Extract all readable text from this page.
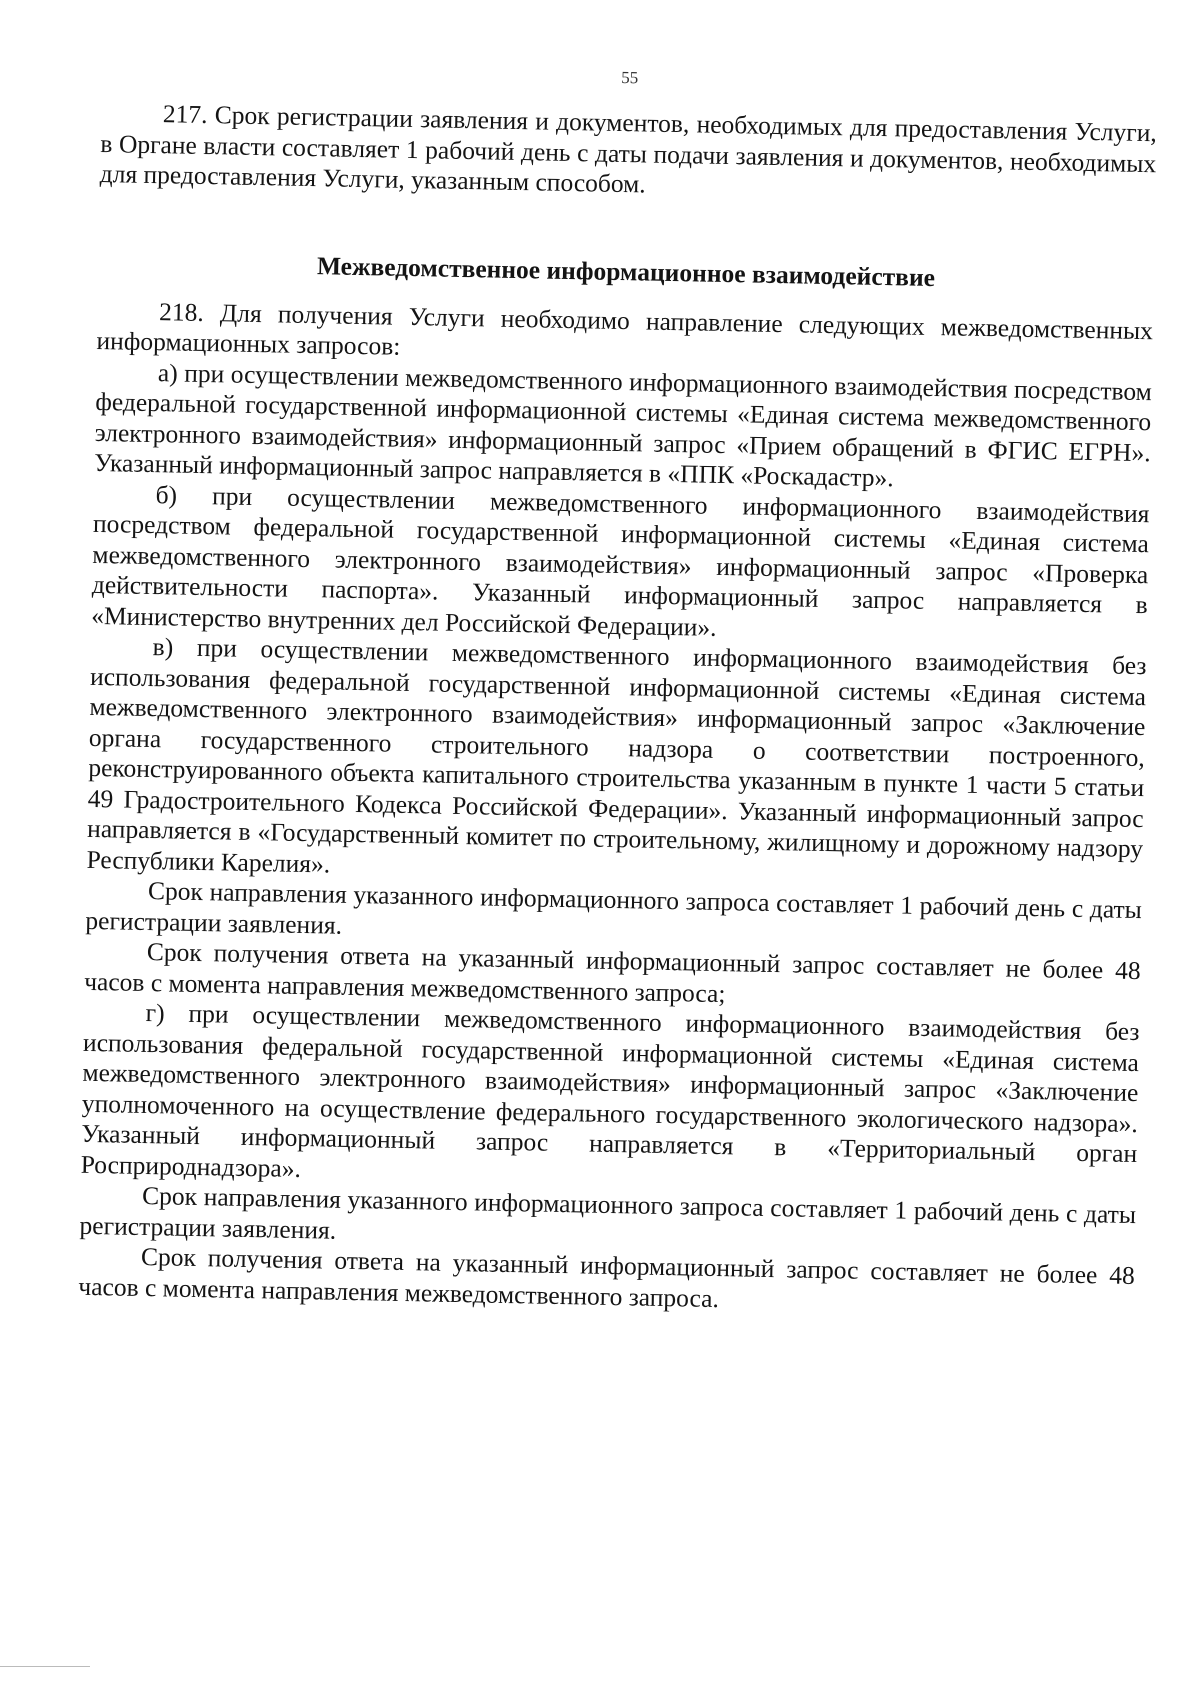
55

217. Срок регистрации заявления и документов, необходимых для предоставления Услуги, в Органе власти составляет 1 рабочий день с даты подачи заявления и документов, необходимых для предоставления Услуги, указанным способом.

Межведомственное информационное взаимодействие

218. Для получения Услуги необходимо направление следующих межведомственных информационных запросов:

а) при осуществлении межведомственного информационного взаимодействия посредством федеральной государственной информационной системы «Единая система межведомственного электронного взаимодействия» информационный запрос «Прием обращений в ФГИС ЕГРН». Указанный информационный запрос направляется в «ППК «Роскадастр».

б) при осуществлении межведомственного информационного взаимодействия посредством федеральной государственной информационной системы «Единая система межведомственного электронного взаимодействия» информационный запрос «Проверка действительности паспорта». Указанный информационный запрос направляется в «Министерство внутренних дел Российской Федерации».

в) при осуществлении межведомственного информационного взаимодействия без использования федеральной государственной информационной системы «Единая система межведомственного электронного взаимодействия» информационный запрос «Заключение органа государственного строительного надзора о соответствии построенного, реконструированного объекта капитального строительства указанным в пункте 1 части 5 статьи 49 Градостроительного Кодекса Российской Федерации». Указанный информационный запрос направляется в «Государственный комитет по строительному, жилищному и дорожному надзору Республики Карелия».

Срок направления указанного информационного запроса составляет 1 рабочий день с даты регистрации заявления.

Срок получения ответа на указанный информационный запрос составляет не более 48 часов с момента направления межведомственного запроса;

г) при осуществлении межведомственного информационного взаимодействия без использования федеральной государственной информационной системы «Единая система межведомственного электронного взаимодействия» информационный запрос «Заключение уполномоченного на осуществление федерального государственного экологического надзора». Указанный информационный запрос направляется в «Территориальный орган Росприроднадзора».

Срок направления указанного информационного запроса составляет 1 рабочий день с даты регистрации заявления.

Срок получения ответа на указанный информационный запрос составляет не более 48 часов с момента направления межведомственного запроса.
